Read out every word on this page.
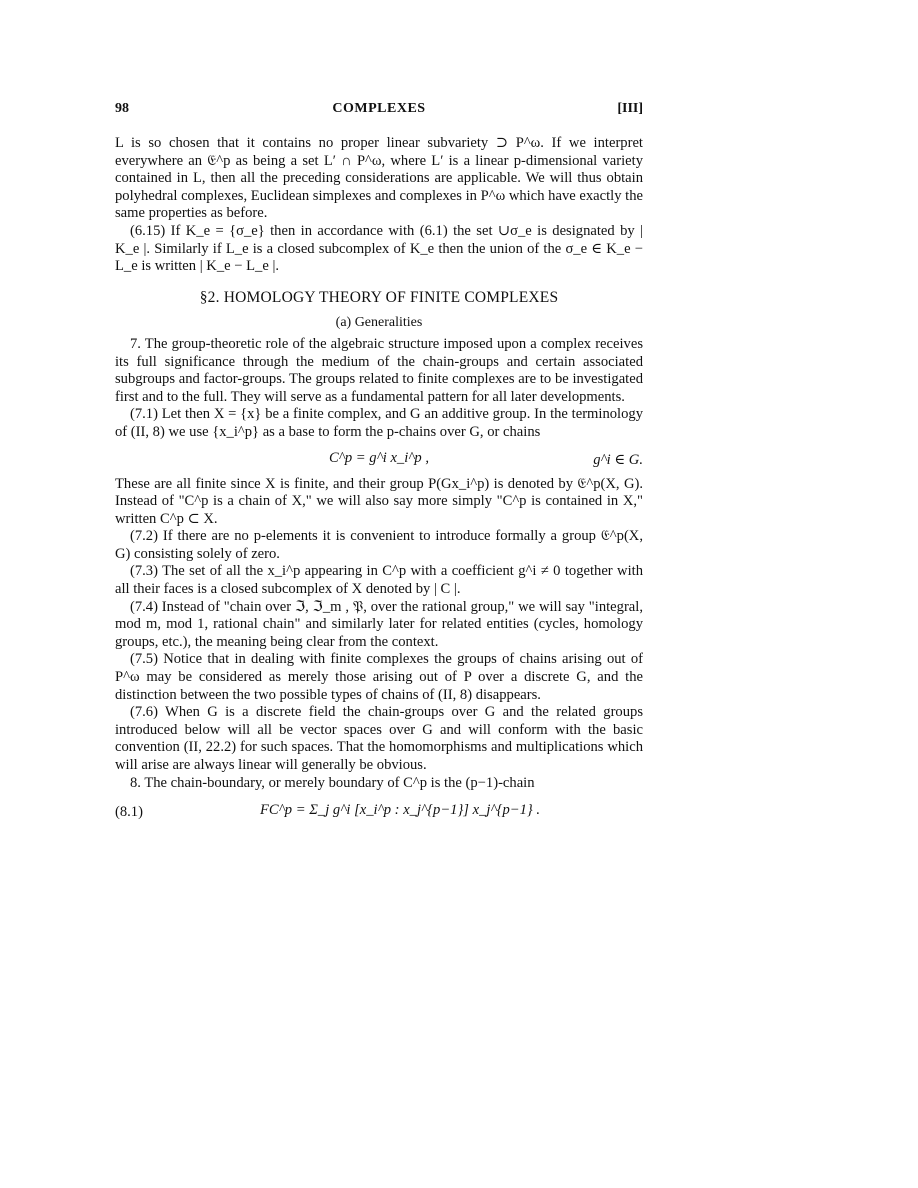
98	COMPLEXES	[III]

L is so chosen that it contains no proper linear subvariety ⊃ P^ω. If we interpret everywhere an 𝔈^p as being a set L′ ∩ P^ω, where L′ is a linear p-dimensional variety contained in L, then all the preceding considerations are applicable. We will thus obtain polyhedral complexes, Euclidean simplexes and complexes in P^ω which have exactly the same properties as before.

(6.15) If K_e = {σ_e} then in accordance with (6.1) the set ∪σ_e is designated by | K_e |. Similarly if L_e is a closed subcomplex of K_e then the union of the σ_e ∈ K_e − L_e is written | K_e − L_e |.

§2. HOMOLOGY THEORY OF FINITE COMPLEXES
(a) Generalities

7. The group-theoretic role of the algebraic structure imposed upon a complex receives its full significance through the medium of the chain-groups and certain associated subgroups and factor-groups. The groups related to finite complexes are to be investigated first and to the full. They will serve as a fundamental pattern for all later developments.

(7.1) Let then X = {x} be a finite complex, and G an additive group. In the terminology of (II, 8) we use {x_i^p} as a base to form the p-chains over G, or chains

C^p = g^i x_i^p ,	g^i ∈ G.

These are all finite since X is finite, and their group P(Gx_i^p) is denoted by 𝔈^p(X, G). Instead of "C^p is a chain of X," we will also say more simply "C^p is contained in X," written C^p ⊂ X.

(7.2) If there are no p-elements it is convenient to introduce formally a group 𝔈^p(X, G) consisting solely of zero.

(7.3) The set of all the x_i^p appearing in C^p with a coefficient g^i ≠ 0 together with all their faces is a closed subcomplex of X denoted by | C |.

(7.4) Instead of "chain over ℑ, ℑ_m , 𝔓, over the rational group," we will say "integral, mod m, mod 1, rational chain" and similarly later for related entities (cycles, homology groups, etc.), the meaning being clear from the context.

(7.5) Notice that in dealing with finite complexes the groups of chains arising out of P^ω may be considered as merely those arising out of P over a discrete G, and the distinction between the two possible types of chains of (II, 8) disappears.

(7.6) When G is a discrete field the chain-groups over G and the related groups introduced below will all be vector spaces over G and will conform with the basic convention (II, 22.2) for such spaces. That the homomorphisms and multiplications which will arise are always linear will generally be obvious.

8. The chain-boundary, or merely boundary of C^p is the (p−1)-chain

(8.1)	FC^p = Σ_j g^i [x_i^p : x_j^{p−1}] x_j^{p−1} .
